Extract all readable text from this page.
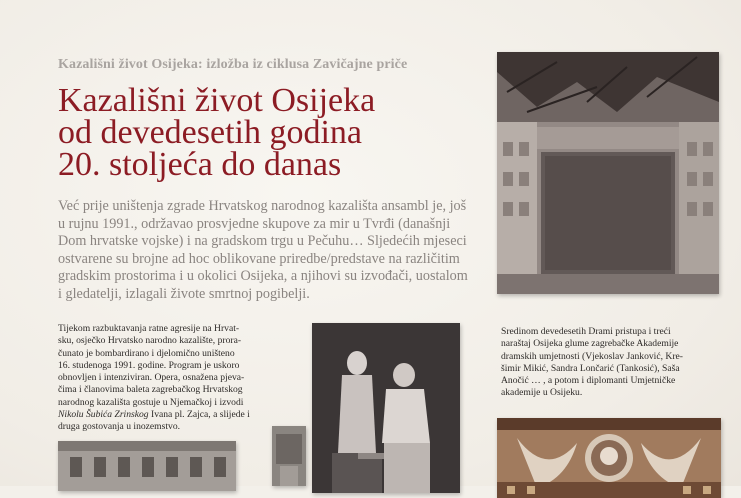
Kazališni život Osijeka: izložba iz ciklusa Zavičajne priče
Kazališni život Osijeka
od devedesetih godina
20. stoljeća do danas
Već prije uništenja zgrade Hrvatskog narodnog kazališta ansambl je, još
u rujnu 1991., održavao prosvjedne skupove za mir u Tvrđi (današnji
Dom hrvatske vojske) i na gradskom trgu u Pečuhu… Sljedećih mjeseci
ostvarene su brojne ad hoc oblikovane priredbe/predstave na različitim
gradskim prostorima i u okolici Osijeka, a njihovi su izvođači, uostalom
i gledatelji, izlagali živote smrtnoj pogibelji.
Tijekom razbuktavanja ratne agresije na Hrvat-
sku, osječko Hrvatsko narodno kazalište, prora-
čunato je bombardirano i djelomično uništeno
16. studenoga 1991. godine. Program je uskoro
obnovljen i intenziviran. Opera, osnažena pjeva-
čima i članovima baleta zagrebačkog Hrvatskog
narodnog kazališta gostuje u Njemačkoj i izvodi
Nikolu Šubića Zrinskog Ivana pl. Zajca, a slijede i
druga gostovanja u inozemstvo.
Sredinom devedesetih Drami pristupa i treći
naraštaj Osijeka glume zagrebačke Akademije
dramskih umjetnosti (Vjekoslav Janković, Kre-
šimir Mikić, Sandra Lončarić (Tankosić), Saša
Anočić … , a potom i diplomanti Umjetničke
akademije u Osijeku.
